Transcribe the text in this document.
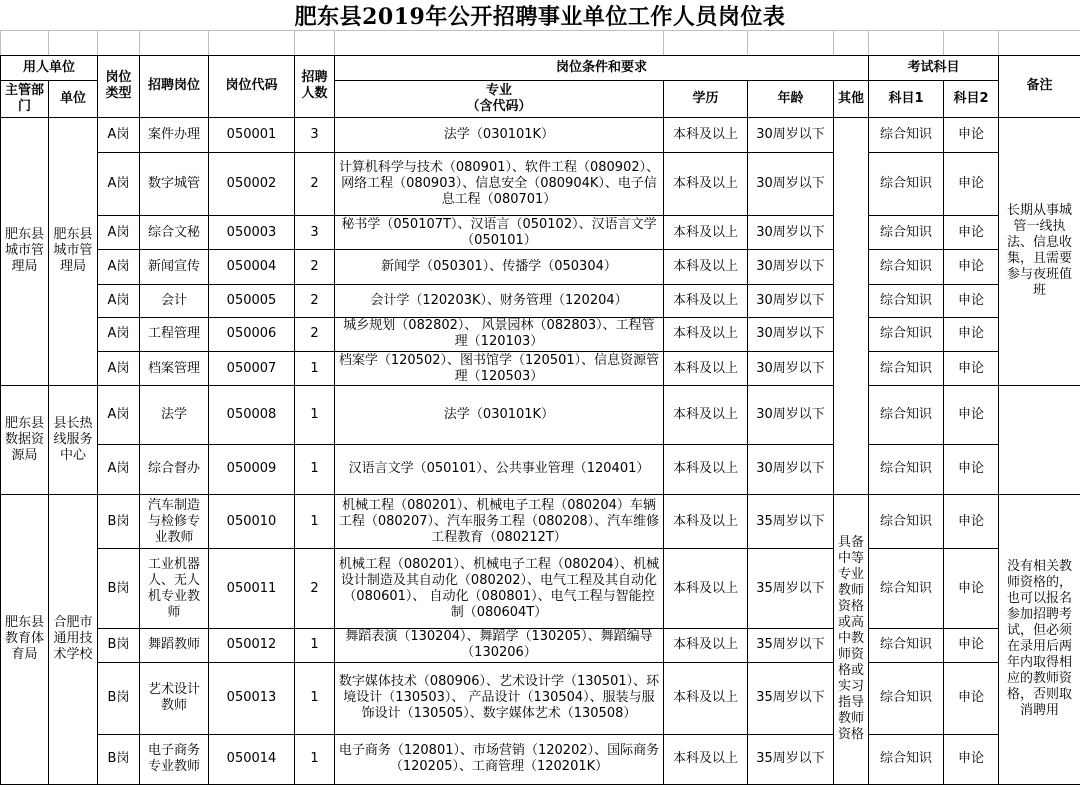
肥东县2019年公开招聘事业单位工作人员岗位表

用人单位		岗位类型	招聘岗位	岗位代码	招聘人数	岗位条件和要求				考试科目		备注
主管部门	单位					专业
（含代码）	学历	年龄	其他	科目1	科目2	
肥东县城市管理局	肥东县城市管理局	A岗	案件办理	050001	3	法学（030101K）	本科及以上	30周岁以下		综合知识	申论	长期从事城管一线执法、信息收集，且需要参与夜班值班
		A岗	数字城管	050002	2	计算机科学与技术（080901）、软件工程（080902）、网络工程（080903）、信息安全（080904K）、电子信息工程（080701）	本科及以上	30周岁以下		综合知识	申论	
		A岗	综合文秘	050003	3	秘书学（050107T）、汉语言（050102）、汉语言文学（050101）	本科及以上	30周岁以下		综合知识	申论	
		A岗	新闻宣传	050004	2	新闻学（050301）、传播学（050304）	本科及以上	30周岁以下		综合知识	申论	
		A岗	会计	050005	2	会计学（120203K）、财务管理（120204）	本科及以上	30周岁以下		综合知识	申论	
		A岗	工程管理	050006	2	城乡规划（082802）、 风景园林（082803）、工程管理（120103）	本科及以上	30周岁以下		综合知识	申论	
		A岗	档案管理	050007	1	档案学（120502）、图书馆学（120501）、信息资源管理（120503）	本科及以上	30周岁以下		综合知识	申论	
肥东县数据资源局	县长热线服务中心	A岗	法学	050008	1	法学（030101K）	本科及以上	30周岁以下		综合知识	申论	
		A岗	综合督办	050009	1	汉语言文学（050101）、公共事业管理（120401）	本科及以上	30周岁以下		综合知识	申论	
肥东县教育体育局	合肥市通用技术学校	B岗	汽车制造与检修专业教师	050010	1	机械工程（080201）、机械电子工程（080204）车辆工程（080207）、汽车服务工程（080208）、汽车维修工程教育（080212T）	本科及以上	35周岁以下	具备中等专业教师资格或高中教师资格或实习指导教师资格	综合知识	申论	没有相关教师资格的，也可以报名参加招聘考试，但必须在录用后两年内取得相应的教师资格，否则取消聘用
		B岗	工业机器人、无人机专业教师	050011	2	机械工程（080201）、机械电子工程（080204）、机械设计制造及其自动化（080202）、电气工程及其自动化（080601）、 自动化（080801）、电气工程与智能控制（080604T）	本科及以上	35周岁以下		综合知识	申论	
		B岗	舞蹈教师	050012	1	舞蹈表演（130204）、舞蹈学（130205）、舞蹈编导（130206）	本科及以上	35周岁以下		综合知识	申论	
		B岗	艺术设计教师	050013	1	数字媒体技术（080906）、艺术设计学（130501）、环境设计（130503）、 产品设计（130504）、服装与服饰设计（130505）、数字媒体艺术（130508）	本科及以上	35周岁以下		综合知识	申论	
		B岗	电子商务专业教师	050014	1	电子商务（120801）、市场营销（120202）、国际商务（120205）、工商管理（120201K）	本科及以上	35周岁以下		综合知识	申论	
